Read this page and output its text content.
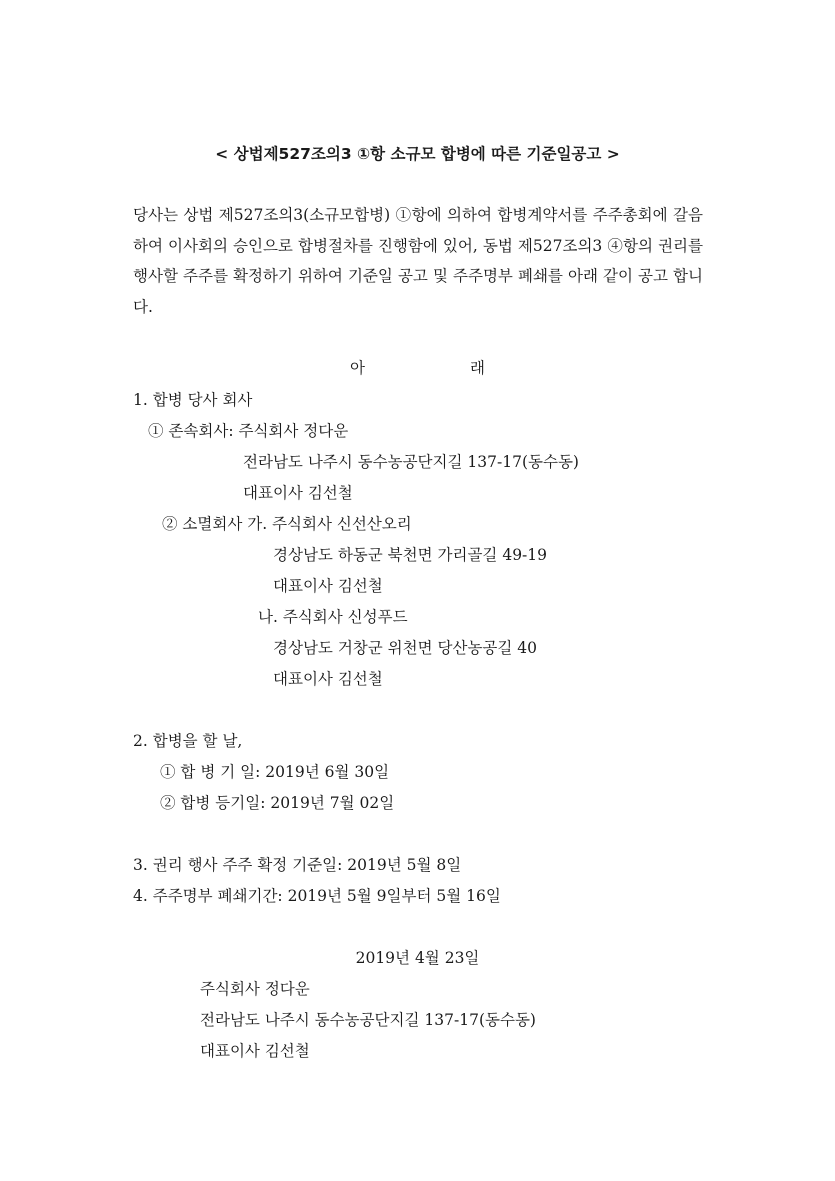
< 상법제527조의3 ①항 소규모 합병에 따른 기준일공고 >
당사는 상법 제527조의3(소규모합병) ①항에 의하여 합병계약서를 주주총회에 갈음하여 이사회의 승인으로 합병절차를 진행함에 있어, 동법 제527조의3 ④항의 권리를 행사할 주주를 확정하기 위하여 기준일 공고 및 주주명부 폐쇄를 아래 같이 공고 합니다.
아	래
1. 합병 당사 회사
① 존속회사: 주식회사 정다운
전라남도 나주시 동수농공단지길 137-17(동수동)
대표이사 김선철
② 소멸회사 가. 주식회사 신선산오리
경상남도 하동군 북천면 가리골길 49-19
대표이사 김선철
나. 주식회사 신성푸드
경상남도 거창군 위천면 당산농공길 40
대표이사 김선철
2. 합병을 할 날,
① 합 병 기 일: 2019년 6월 30일
② 합병 등기일: 2019년 7월 02일
3. 권리 행사 주주 확정 기준일: 2019년 5월 8일
4. 주주명부 폐쇄기간: 2019년 5월 9일부터 5월 16일
2019년 4월 23일
주식회사 정다운
전라남도 나주시 동수농공단지길 137-17(동수동)
대표이사 김선철
